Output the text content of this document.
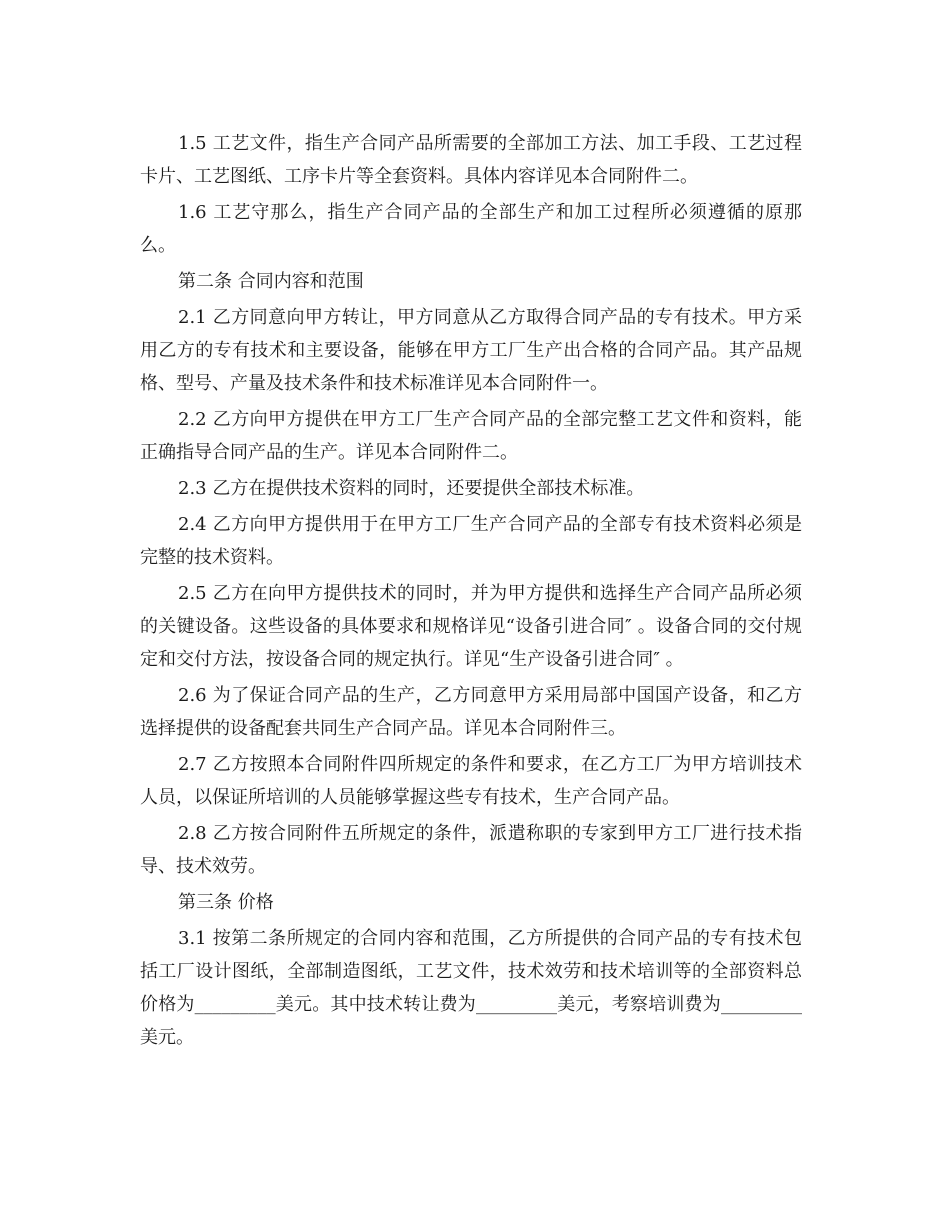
1.5 工艺文件，指生产合同产品所需要的全部加工方法、加工手段、工艺过程卡片、工艺图纸、工序卡片等全套资料。具体内容详见本合同附件二。

1.6 工艺守那么，指生产合同产品的全部生产和加工过程所必须遵循的原那么。

第二条 合同内容和范围

2.1 乙方同意向甲方转让，甲方同意从乙方取得合同产品的专有技术。甲方采用乙方的专有技术和主要设备，能够在甲方工厂生产出合格的合同产品。其产品规格、型号、产量及技术条件和技术标准详见本合同附件一。

2.2 乙方向甲方提供在甲方工厂生产合同产品的全部完整工艺文件和资料，能正确指导合同产品的生产。详见本合同附件二。

2.3 乙方在提供技术资料的同时，还要提供全部技术标准。

2.4 乙方向甲方提供用于在甲方工厂生产合同产品的全部专有技术资料必须是完整的技术资料。

2.5 乙方在向甲方提供技术的同时，并为甲方提供和选择生产合同产品所必须的关键设备。这些设备的具体要求和规格详见“设备引进合同″ 。设备合同的交付规定和交付方法，按设备合同的规定执行。详见“生产设备引进合同″ 。

2.6 为了保证合同产品的生产，乙方同意甲方采用局部中国国产设备，和乙方选择提供的设备配套共同生产合同产品。详见本合同附件三。

2.7 乙方按照本合同附件四所规定的条件和要求，在乙方工厂为甲方培训技术人员，以保证所培训的人员能够掌握这些专有技术，生产合同产品。

2.8 乙方按合同附件五所规定的条件，派遣称职的专家到甲方工厂进行技术指导、技术效劳。

第三条 价格

3.1 按第二条所规定的合同内容和范围，乙方所提供的合同产品的专有技术包括工厂设计图纸，全部制造图纸，工艺文件，技术效劳和技术培训等的全部资料总价格为_________美元。其中技术转让费为_________美元，考察培训费为_________美元。
